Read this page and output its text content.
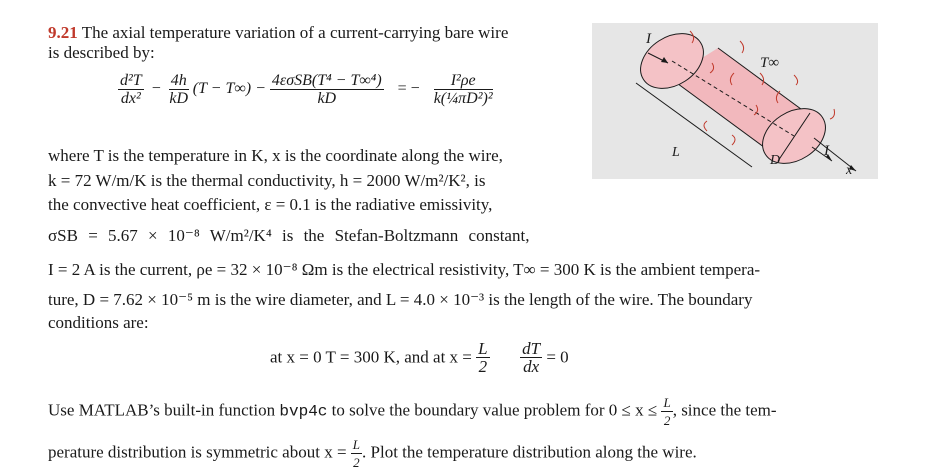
9.21 The axial temperature variation of a current-carrying bare wire
is described by:
$\frac{\text{d²T}}{\text{dx²}} - \frac{4h}{kD} (T - T\infty) - \frac{\text{4εσSB(T⁴ − T∞⁴)}}{kD}$ = − $\frac{\text{I²ρe}}{\text{k(¼πD²)²}}$
where T is the temperature in K, x is the coordinate along the wire,
k = 72 W/m/K is the thermal conductivity, h = 2000 W/m²/K², is
the convective heat coefficient, ε = 0.1 is the radiative emissivity,
σSB = 5.67 × 10⁻⁸ W/m²/K⁴ is the Stefan-Boltzmann constant,
I = 2 A is the current, ρe = 32 × 10⁻⁸ Ωm is the electrical resistivity, T∞ = 300 K is the ambient tempera-
ture, D = 7.62 × 10⁻⁵ m is the wire diameter, and L = 4.0 × 10⁻³ is the length of the wire. The boundary
conditions are:
at x = 0 T = 300 K, and at $x = \frac{L}{2}$
$\frac{dT}{dx} = 0$
Use MATLAB’s built-in function bvp4c to solve the boundary value problem for $0 \le x \le \frac{L}{2}$ , since the tem-
perature distribution is symmetric about $x = \frac{L}{2}$ . Plot the temperature distribution along the wire.
I
T∞
L
D
I
x
